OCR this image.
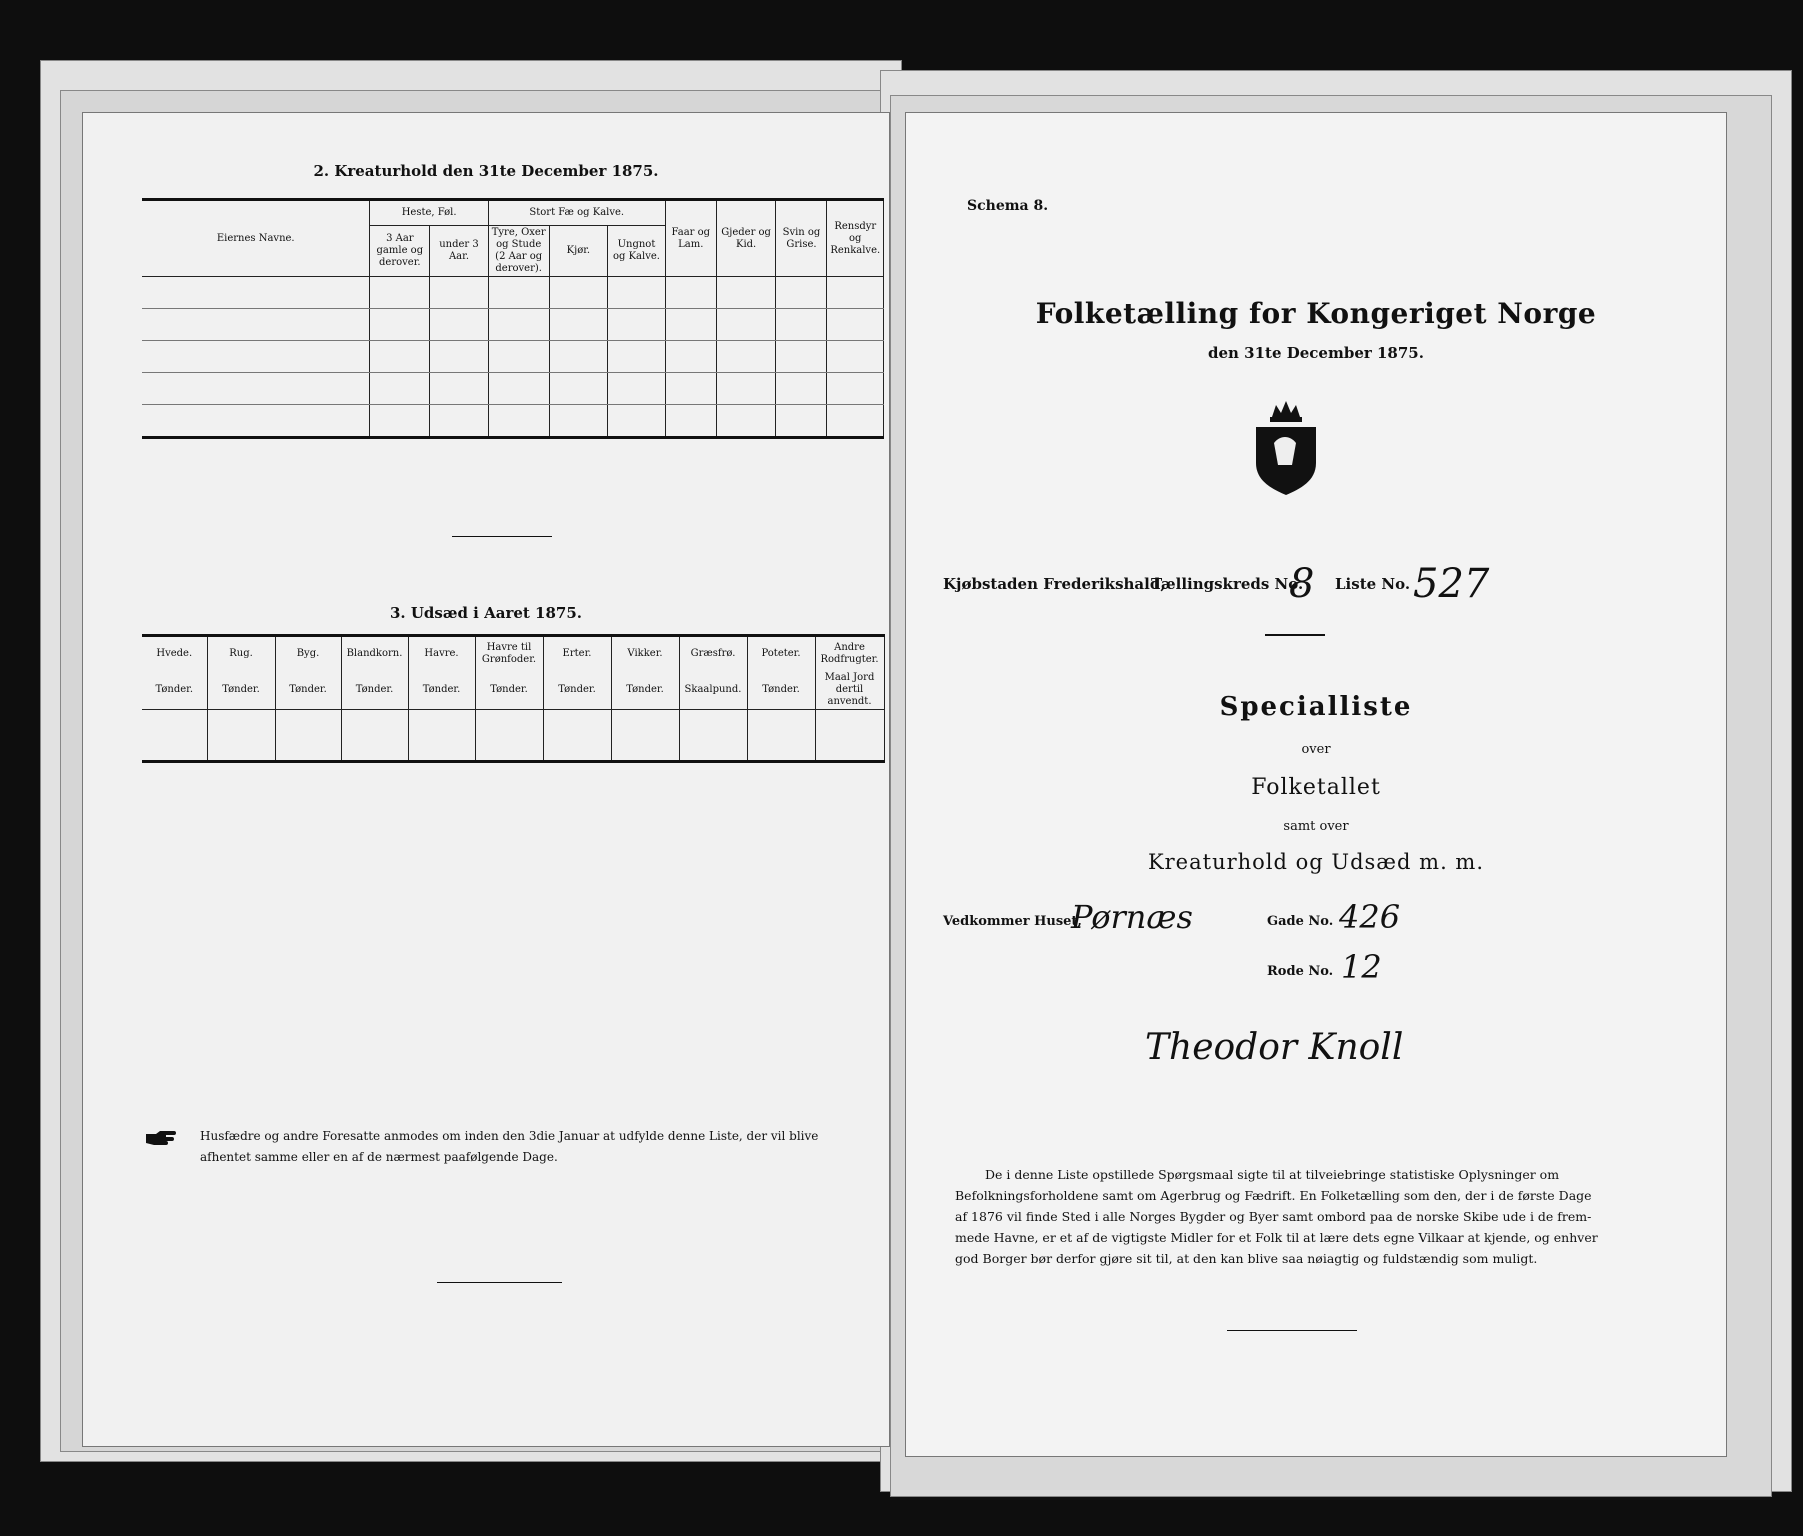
2. Kreaturhold den 31te December 1875.
Eiernes Navne.	Heste, Føl.		Stort Fæ og Kalve.			Faar og Lam.	Gjeder og Kid.	Svin og Grise.	Rensdyr og Renkalve.
	3 Aar gamle og derover.	under 3 Aar.	Tyre, Oxer og Stude (2 Aar og derover).	Kjør.	Ungnot og Kalve.				

3. Udsæd i Aaret 1875.
Hvede.	Rug.	Byg.	Blandkorn.	Havre.	Havre til Grønfoder.	Erter.	Vikker.	Græsfrø.	Poteter.	Andre Rodfrugter.
Tønder.	Tønder.	Tønder.	Tønder.	Tønder.	Tønder.	Tønder.	Tønder.	Skaalpund.	Tønder.	Maal Jord dertil anvendt.

Husfædre og andre Foresatte anmodes om inden den 3die Januar at udfylde denne Liste, der vil blive
afhentet samme eller en af de nærmest paafølgende Dage.
Schema 8.
Folketælling for Kongeriget Norge
den 31te December 1875.
Kjøbstaden Frederikshald,
Tællingskreds No.
8 Liste No. 527
Specialliste
over
Folketallet
samt over
Kreaturhold og Udsæd m. m.
Vedkommer Huset,
Pørnæs	Gade No. 426
Rode No. 12
Theodor Knoll
De i denne Liste opstillede Spørgsmaal sigte til at tilveiebringe statistiske Oplysninger om
Befolkningsforholdene samt om Agerbrug og Fædrift. En Folketælling som den, der i de første Dage
af 1876 vil finde Sted i alle Norges Bygder og Byer samt ombord paa de norske Skibe ude i de frem-
mede Havne, er et af de vigtigste Midler for et Folk til at lære dets egne Vilkaar at kjende, og enhver
god Borger bør derfor gjøre sit til, at den kan blive saa nøiagtig og fuldstændig som muligt.
